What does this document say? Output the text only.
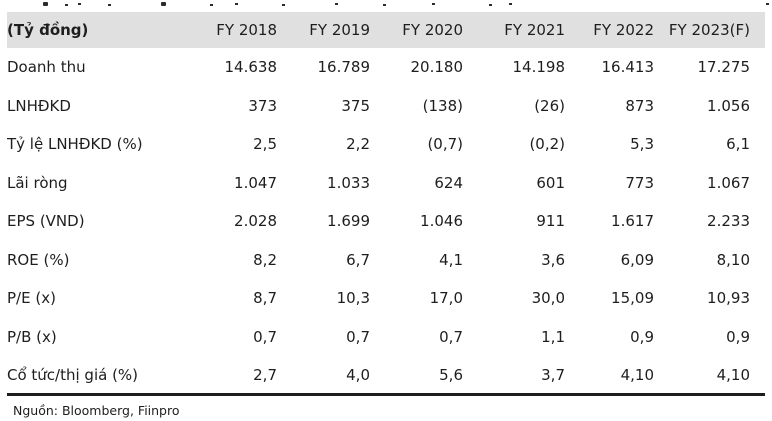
(Tỷ đồng)	FY 2018	FY 2019	FY 2020	FY 2021	FY 2022	FY 2023(F)
Doanh thu	14.638	16.789	20.180	14.198	16.413	17.275
LNHĐKD	373	375	(138)	(26)	873	1.056
Tỷ lệ LNHĐKD (%)	2,5	2,2	(0,7)	(0,2)	5,3	6,1
Lãi ròng	1.047	1.033	624	601	773	1.067
EPS (VND)	2.028	1.699	1.046	911	1.617	2.233
ROE (%)	8,2	6,7	4,1	3,6	6,09	8,10
P/E (x)	8,7	10,3	17,0	30,0	15,09	10,93
P/B (x)	0,7	0,7	0,7	1,1	0,9	0,9
Cổ tức/thị giá (%)	2,7	4,0	5,6	3,7	4,10	4,10
Nguồn: Bloomberg, Fiinpro
